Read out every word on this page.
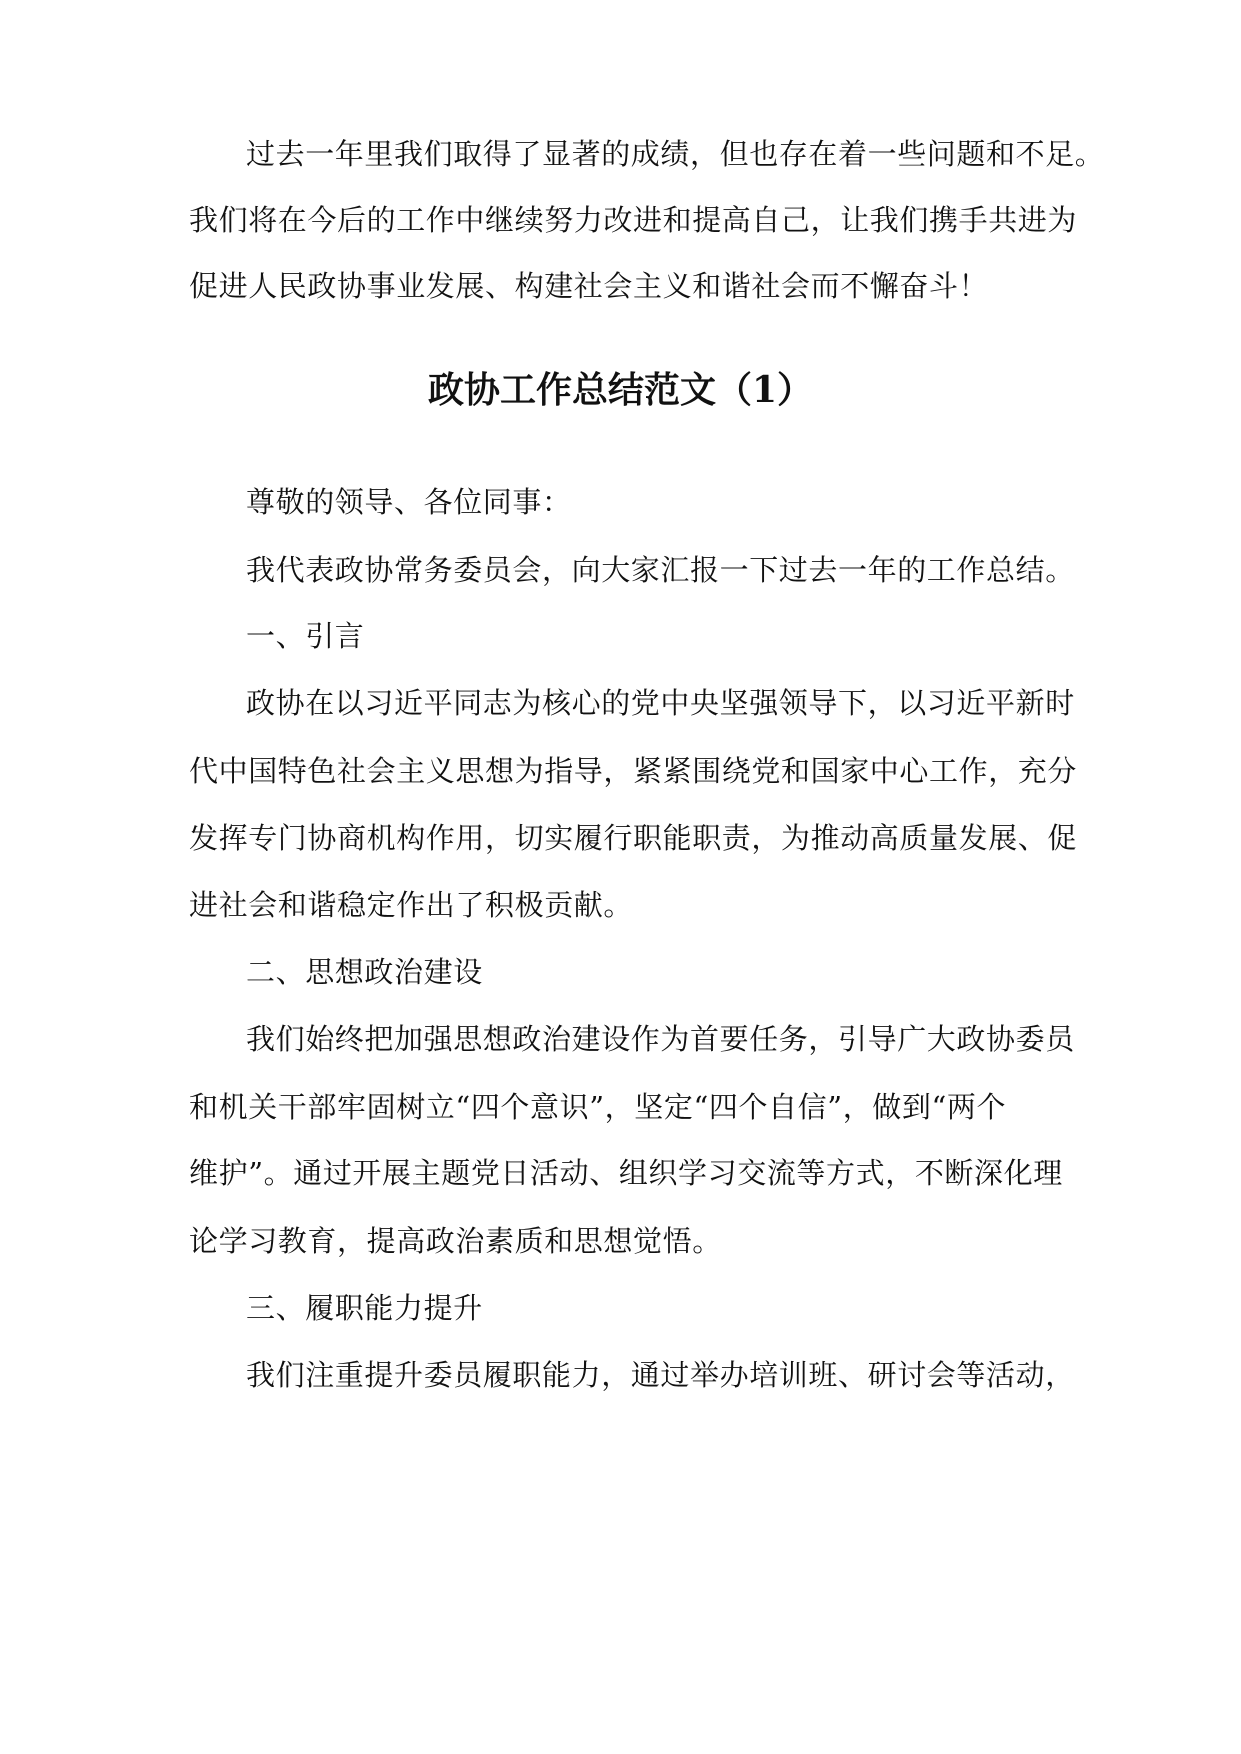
过去一年里我们取得了显著的成绩，但也存在着一些问题和不足。
我们将在今后的工作中继续努力改进和提高自己，让我们携手共进为
促进人民政协事业发展、构建社会主义和谐社会而不懈奋斗！
政协工作总结范文（1）
尊敬的领导、各位同事：
我代表政协常务委员会，向大家汇报一下过去一年的工作总结。
一、引言
政协在以习近平同志为核心的党中央坚强领导下，以习近平新时
代中国特色社会主义思想为指导，紧紧围绕党和国家中心工作，充分
发挥专门协商机构作用，切实履行职能职责，为推动高质量发展、促
进社会和谐稳定作出了积极贡献。
二、思想政治建设
我们始终把加强思想政治建设作为首要任务，引导广大政协委员
和机关干部牢固树立“四个意识”，坚定“四个自信”，做到“两个
维护”。通过开展主题党日活动、组织学习交流等方式，不断深化理
论学习教育，提高政治素质和思想觉悟。
三、履职能力提升
我们注重提升委员履职能力，通过举办培训班、研讨会等活动，
